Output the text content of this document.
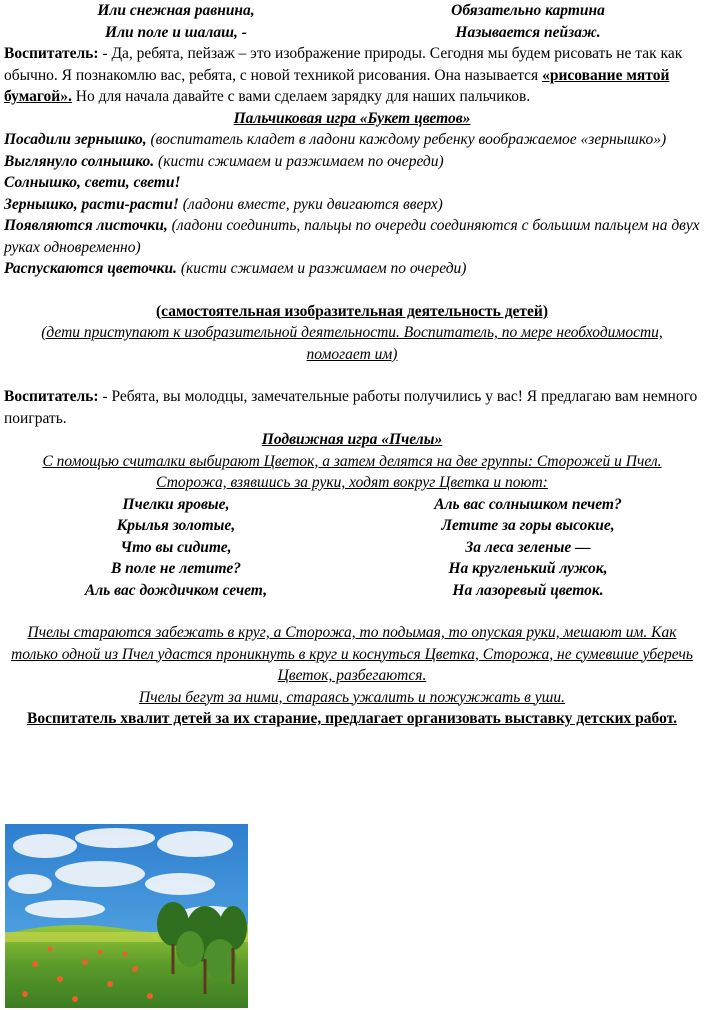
Или снежная равнина,
Или поле и шалаш, -
Обязательно картина
Называется пейзаж.
Воспитатель: - Да, ребята, пейзаж – это изображение природы. Сегодня мы будем рисовать не так как обычно. Я познакомлю вас, ребята, с новой техникой рисования. Она называется «рисование мятой бумагой». Но для начала давайте с вами сделаем зарядку для наших пальчиков.
Пальчиковая игра «Букет цветов»
Посадили зернышко, (воспитатель кладет в ладони каждому ребенку воображаемое «зернышко»)
Выглянуло солнышко. (кисти сжимаем и разжимаем по очереди)
Солнышко, свети, свети!
Зернышко, расти-расти! (ладони вместе, руки двигаются вверх)
Появляются листочки, (ладони соединить, пальцы по очереди соединяются с большим пальцем на двух руках одновременно)
Распускаются цветочки. (кисти сжимаем и разжимаем по очереди)
(самостоятельная изобразительная деятельность детей)
(дети приступают к изобразительной деятельности. Воспитатель, по мере необходимости, помогает им)
Воспитатель: - Ребята, вы молодцы, замечательные работы получились у вас! Я предлагаю вам немного поиграть.
Подвижная игра «Пчелы»
С помощью считалки выбирают Цветок, а затем делятся на две группы: Сторожей и Пчел. Сторожа, взявшись за руки, ходят вокруг Цветка и поют:
Пчелки яровые,
Крылья золотые,
Что вы сидите,
В поле не летите?
Аль вас дождичком сечет,
Аль вас солнышком печет?
Летите за горы высокие,
За леса зеленые —
На кругленький лужок,
На лазоревый цветок.
Пчелы стараются забежать в круг, а Сторожа, то подымая, то опуская руки, мешают им. Как только одной из Пчел удастся проникнуть в круг и коснуться Цветка, Сторожа, не сумевшие уберечь Цветок, разбегаются.
Пчелы бегут за ними, стараясь ужалить и пожужжать в уши.
Воспитатель хвалит детей за их старание, предлагает организовать выставку детских работ.
